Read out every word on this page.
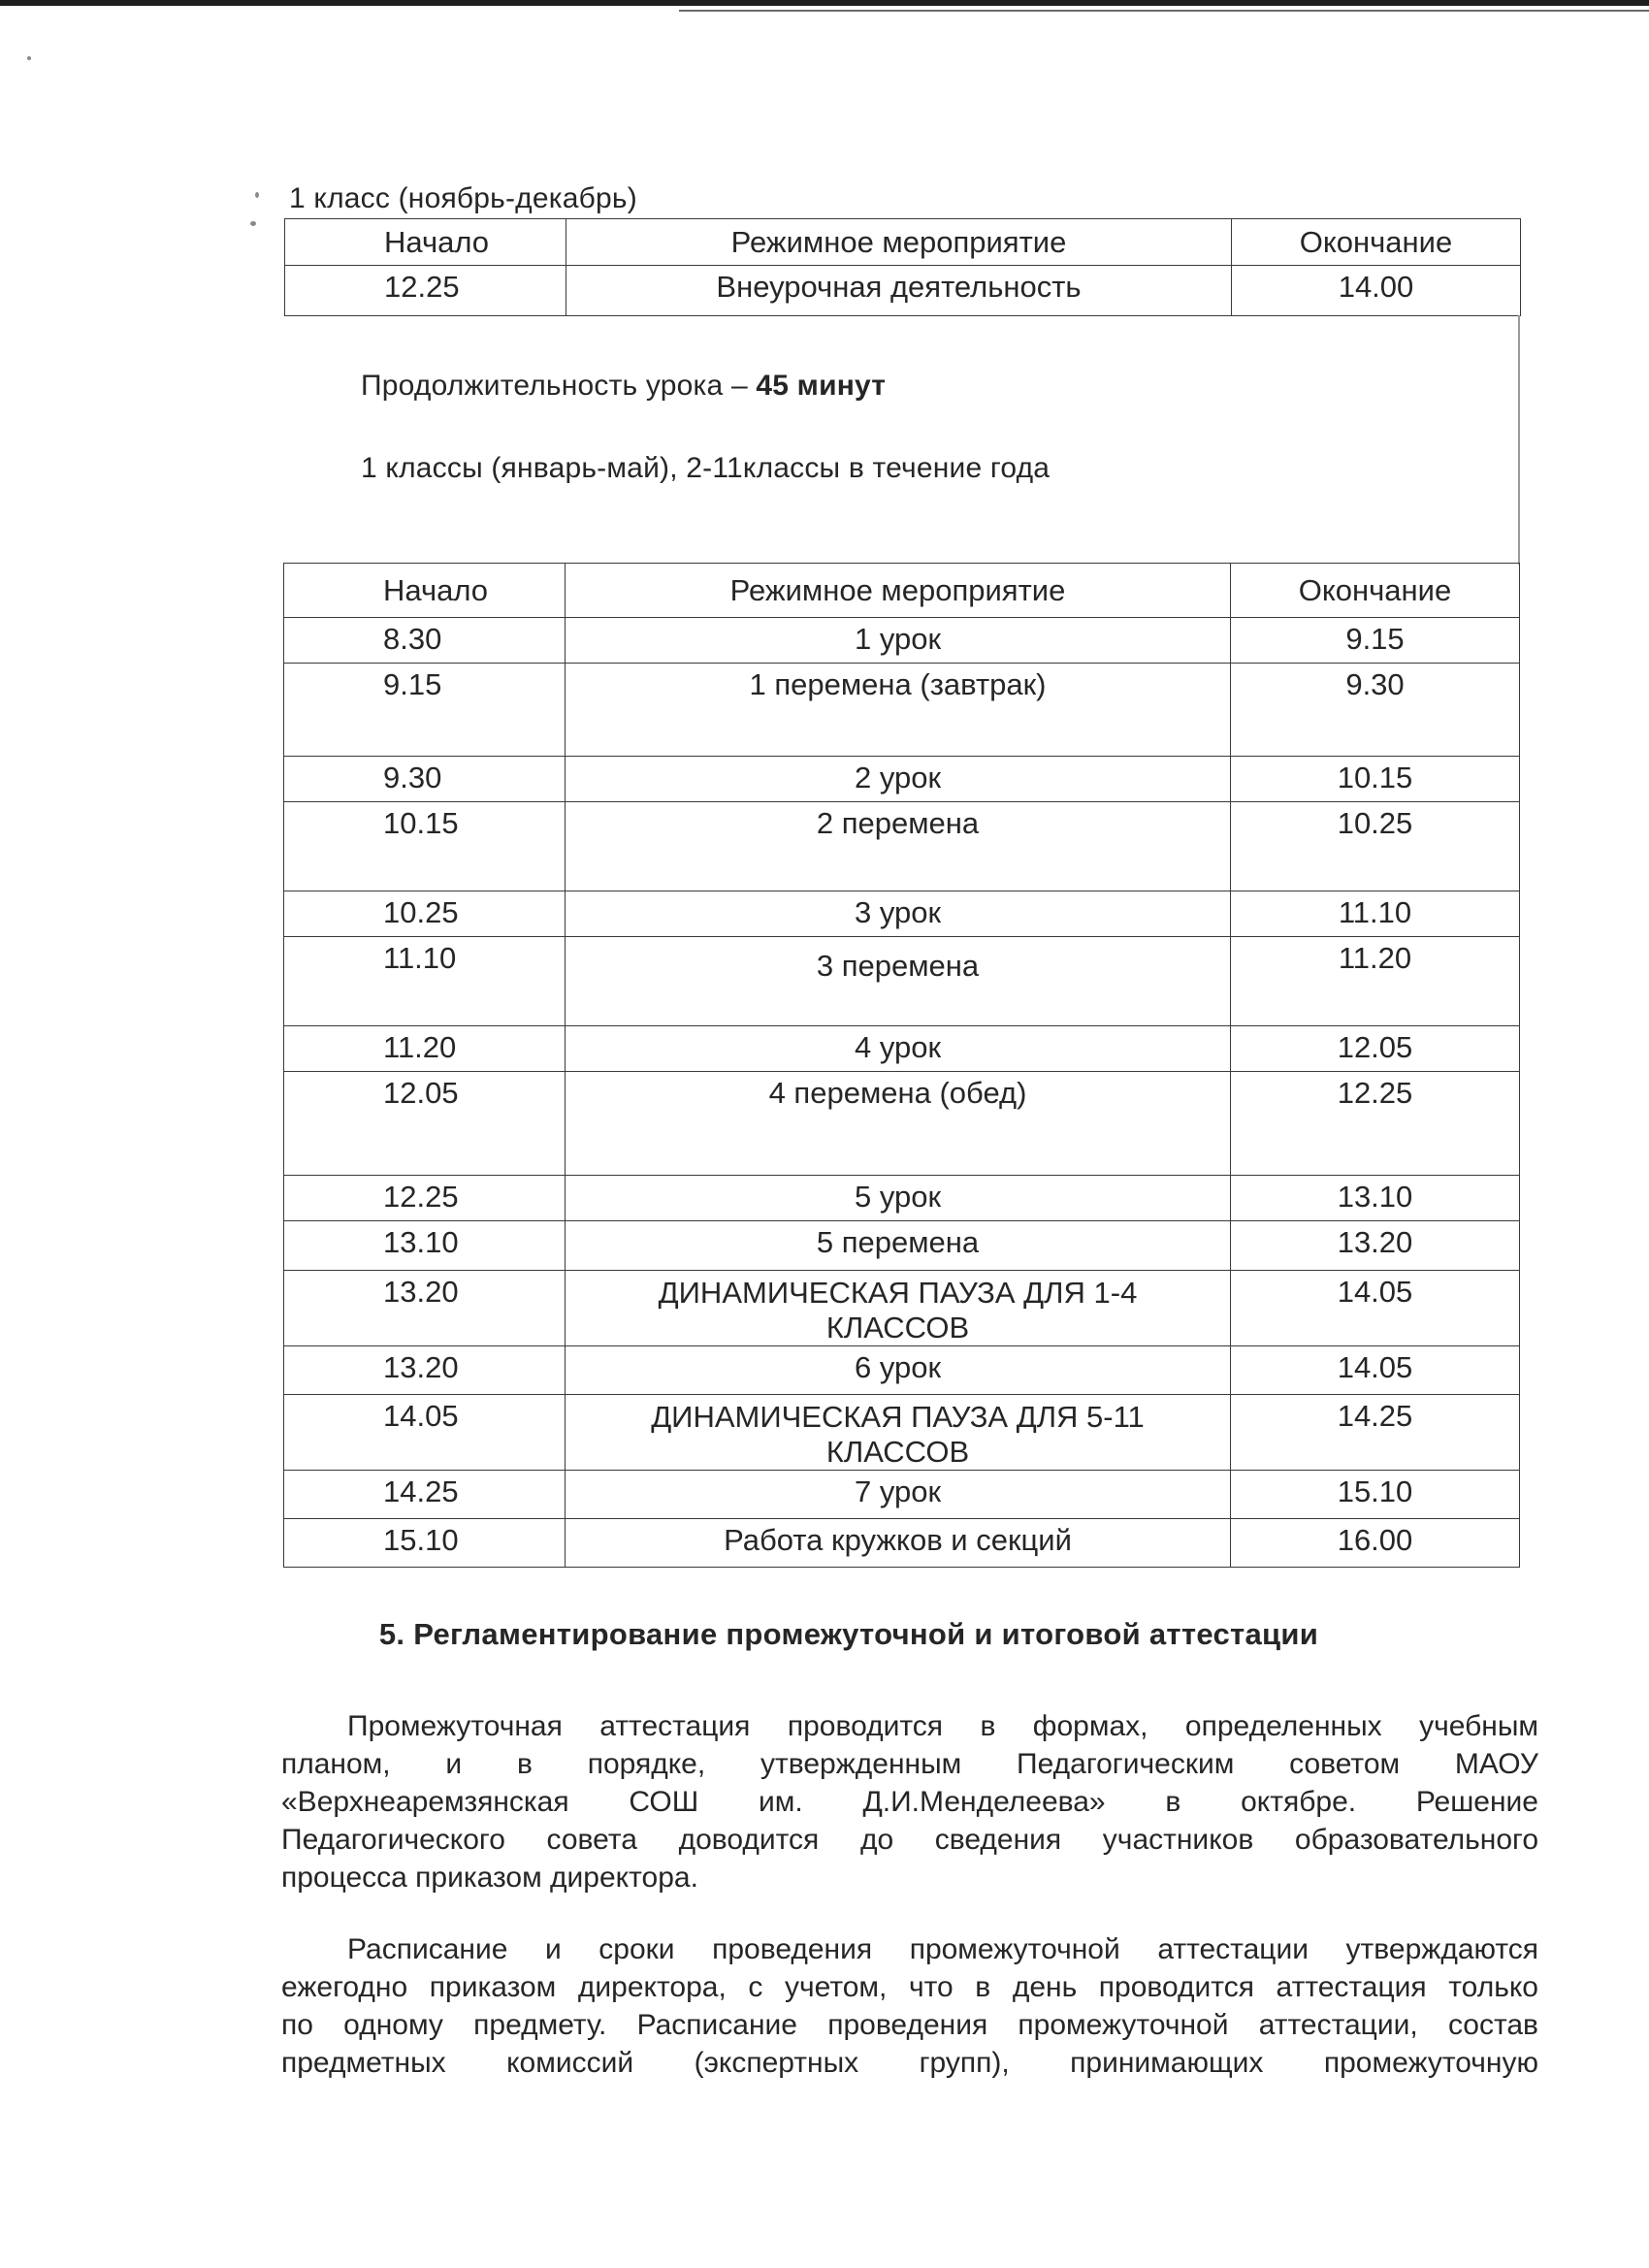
1 класс (ноябрь-декабрь)
Начало	Режимное мероприятие	Окончание

12.25	Внеурочная деятельность	14.00
Продолжительность урока – 45 минут
1 классы (январь-май), 2-11классы в течение года
Начало	Режимное мероприятие	Окончание

8.30	1 урок	9.15

9.15	1 перемена (завтрак)	9.30

9.30	2 урок	10.15

10.15	2 перемена	10.25

10.25	3 урок	11.10

11.10	3 перемена	11.20

11.20	4 урок	12.05

12.05	4 перемена (обед)	12.25

12.25	5 урок	13.10

13.10	5 перемена	13.20

13.20	ДИНАМИЧЕСКАЯ ПАУЗА ДЛЯ 1-4 КЛАССОВ	14.05

13.20	6 урок	14.05

14.05	ДИНАМИЧЕСКАЯ ПАУЗА ДЛЯ 5-11 КЛАССОВ	14.25

14.25	7 урок	15.10

15.10	Работа кружков и секций	16.00
5. Регламентирование промежуточной и итоговой аттестации
Промежуточная аттестация проводится в формах, определенных учебным
планом, и в порядке, утвержденным Педагогическим советом МАОУ
«Верхнеаремзянская СОШ им. Д.И.Менделеева» в октябре. Решение
Педагогического совета доводится до сведения участников образовательного
процесса приказом директора.
Расписание и сроки проведения промежуточной аттестации утверждаются
ежегодно приказом директора, с учетом, что в день проводится аттестация только
по одному предмету. Расписание проведения промежуточной аттестации, состав
предметных комиссий (экспертных групп), принимающих промежуточную
